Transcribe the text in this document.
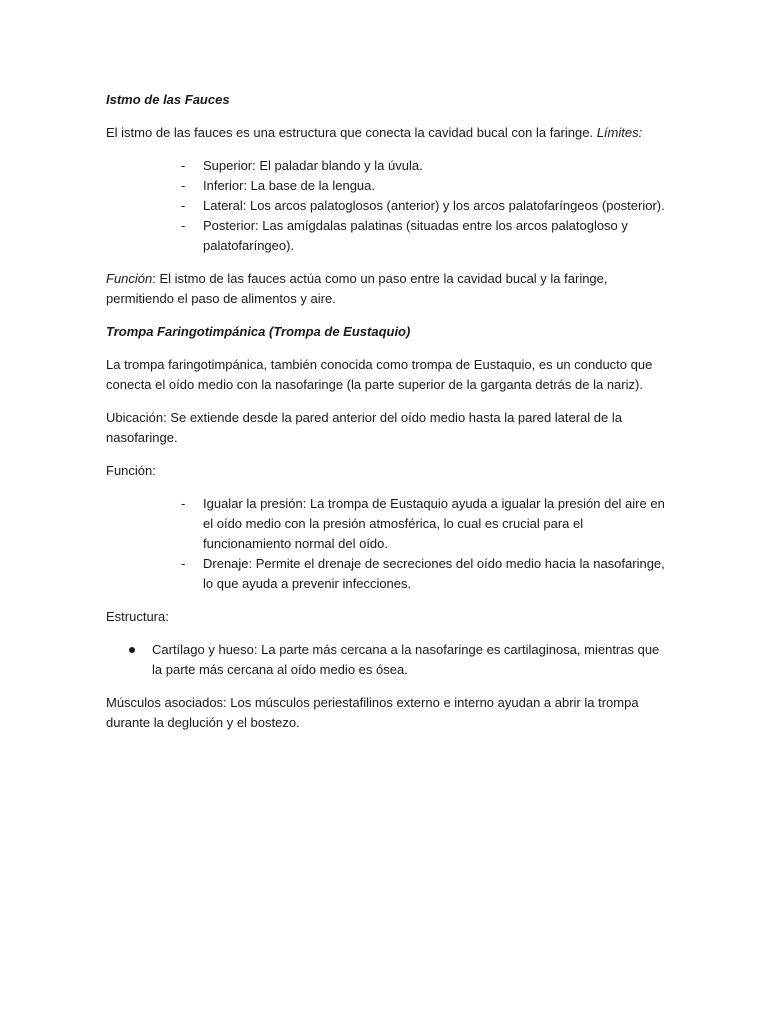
Istmo de las Fauces

El istmo de las fauces es una estructura que conecta la cavidad bucal con la faringe. Límites:

- Superior: El paladar blando y la úvula.
- Inferior: La base de la lengua.
- Lateral: Los arcos palatoglosos (anterior) y los arcos palatofaríngeos (posterior).
- Posterior: Las amígdalas palatinas (situadas entre los arcos palatogloso y palatofaríngeo).

Función: El istmo de las fauces actúa como un paso entre la cavidad bucal y la faringe, permitiendo el paso de alimentos y aire.

Trompa Faringotimpánica (Trompa de Eustaquio)

La trompa faringotimpánica, también conocida como trompa de Eustaquio, es un conducto que conecta el oído medio con la nasofaringe (la parte superior de la garganta detrás de la nariz).

Ubicación: Se extiende desde la pared anterior del oído medio hasta la pared lateral de la nasofaringe.

Función:

- Igualar la presión: La trompa de Eustaquio ayuda a igualar la presión del aire en el oído medio con la presión atmosférica, lo cual es crucial para el funcionamiento normal del oído.
- Drenaje: Permite el drenaje de secreciones del oído medio hacia la nasofaringe, lo que ayuda a prevenir infecciones.

Estructura:

Cartílago y hueso: La parte más cercana a la nasofaringe es cartilaginosa, mientras que la parte más cercana al oído medio es ósea.

Músculos asociados: Los músculos periestafilinos externo e interno ayudan a abrir la trompa durante la deglución y el bostezo.
